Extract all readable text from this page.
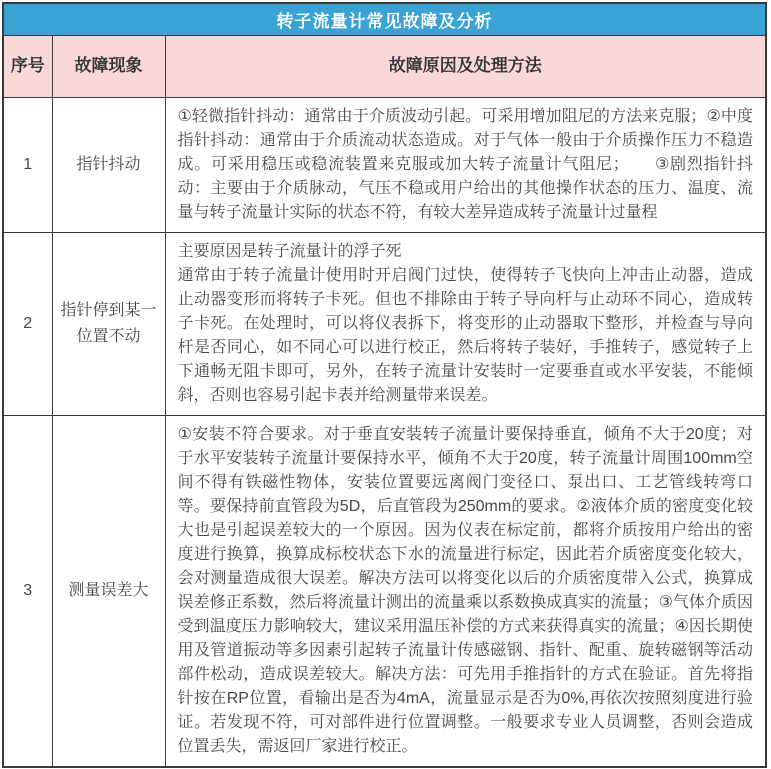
转子流量计常见故障及分析		
序号	故障现象	故障原因及处理方法
1	指针抖动	①轻微指针抖动：通常由于介质波动引起。可采用增加阻尼的方法来克服；②中度指针抖动：通常由于介质流动状态造成。对于气体一般由于介质操作压力不稳造成。可采用稳压或稳流装置来克服或加大转子流量计气阻尼；　　③剧烈指针抖动：主要由于介质脉动，气压不稳或用户给出的其他操作状态的压力、温度、流量与转子流量计实际的状态不符，有较大差异造成转子流量计过量程

2	指针停到某一位置不动	主要原因是转子流量计的浮子死

通常由于转子流量计使用时开启阀门过快，使得转子飞快向上冲击止动器，造成止动器变形而将转子卡死。但也不排除由于转子导向杆与止动环不同心，造成转子卡死。在处理时，可以将仪表拆下，将变形的止动器取下整形，并检查与导向杆是否同心，如不同心可以进行校正，然后将转子装好，手推转子，感觉转子上下通畅无阻卡即可，另外，在转子流量计安装时一定要垂直或水平安装，不能倾斜，否则也容易引起卡表并给测量带来误差。

3	测量误差大	①安装不符合要求。对于垂直安装转子流量计要保持垂直，倾角不大于20度；对于水平安装转子流量计要保持水平，倾角不大于20度，转子流量计周围100mm空间不得有铁磁性物体，安装位置要远离阀门变径口、泵出口、工艺管线转弯口等。要保持前直管段为5D，后直管段为250mm的要求。②液体介质的密度变化较大也是引起误差较大的一个原因。因为仪表在标定前，都将介质按用户给出的密度进行换算，换算成标校状态下水的流量进行标定，因此若介质密度变化较大，会对测量造成很大误差。解决方法可以将变化以后的介质密度带入公式，换算成误差修正系数，然后将流量计测出的流量乘以系数换成真实的流量；③气体介质因受到温度压力影响较大，建议采用温压补偿的方式来获得真实的流量；④因长期使用及管道振动等多因素引起转子流量计传感磁钢、指针、配重、旋转磁钢等活动部件松动，造成误差较大。解决方法：可先用手推指针的方式在验证。首先将指针按在RP位置，看输出是否为4mA，流量显示是否为0%,再依次按照刻度进行验证。若发现不符，可对部件进行位置调整。一般要求专业人员调整，否则会造成位置丢失，需返回厂家进行校正。
